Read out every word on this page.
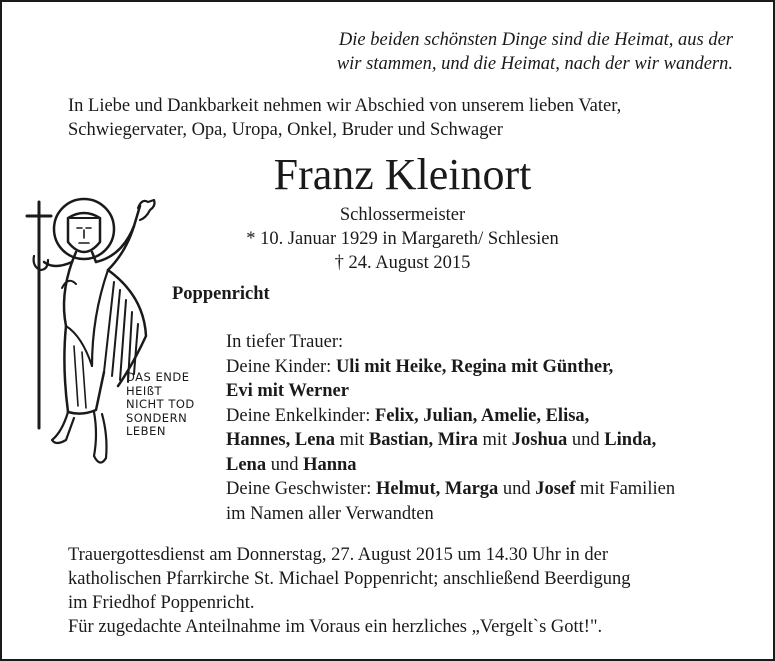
Die beiden schönsten Dinge sind die Heimat, aus der
wir stammen, und die Heimat, nach der wir wandern.
In Liebe und Dankbarkeit nehmen wir Abschied von unserem lieben Vater,
Schwiegervater, Opa, Uropa, Onkel, Bruder und Schwager
Franz Kleinort
Schlossermeister
* 10. Januar 1929 in Margareth/ Schlesien
† 24. August 2015
Poppenricht
DAS ENDE
HEIßT
NICHT TOD
SONDERN
LEBEN
In tiefer Trauer:
Deine Kinder: Uli mit Heike, Regina mit Günther,
Evi mit Werner
Deine Enkelkinder: Felix, Julian, Amelie, Elisa,
Hannes, Lena mit Bastian, Mira mit Joshua und Linda,
Lena und Hanna
Deine Geschwister: Helmut, Marga und Josef mit Familien
im Namen aller Verwandten
Trauergottesdienst am Donnerstag, 27. August 2015 um 14.30 Uhr in der
katholischen Pfarrkirche St. Michael Poppenricht; anschließend Beerdigung
im Friedhof Poppenricht.
Für zugedachte Anteilnahme im Voraus ein herzliches „Vergelt`s Gott!".
